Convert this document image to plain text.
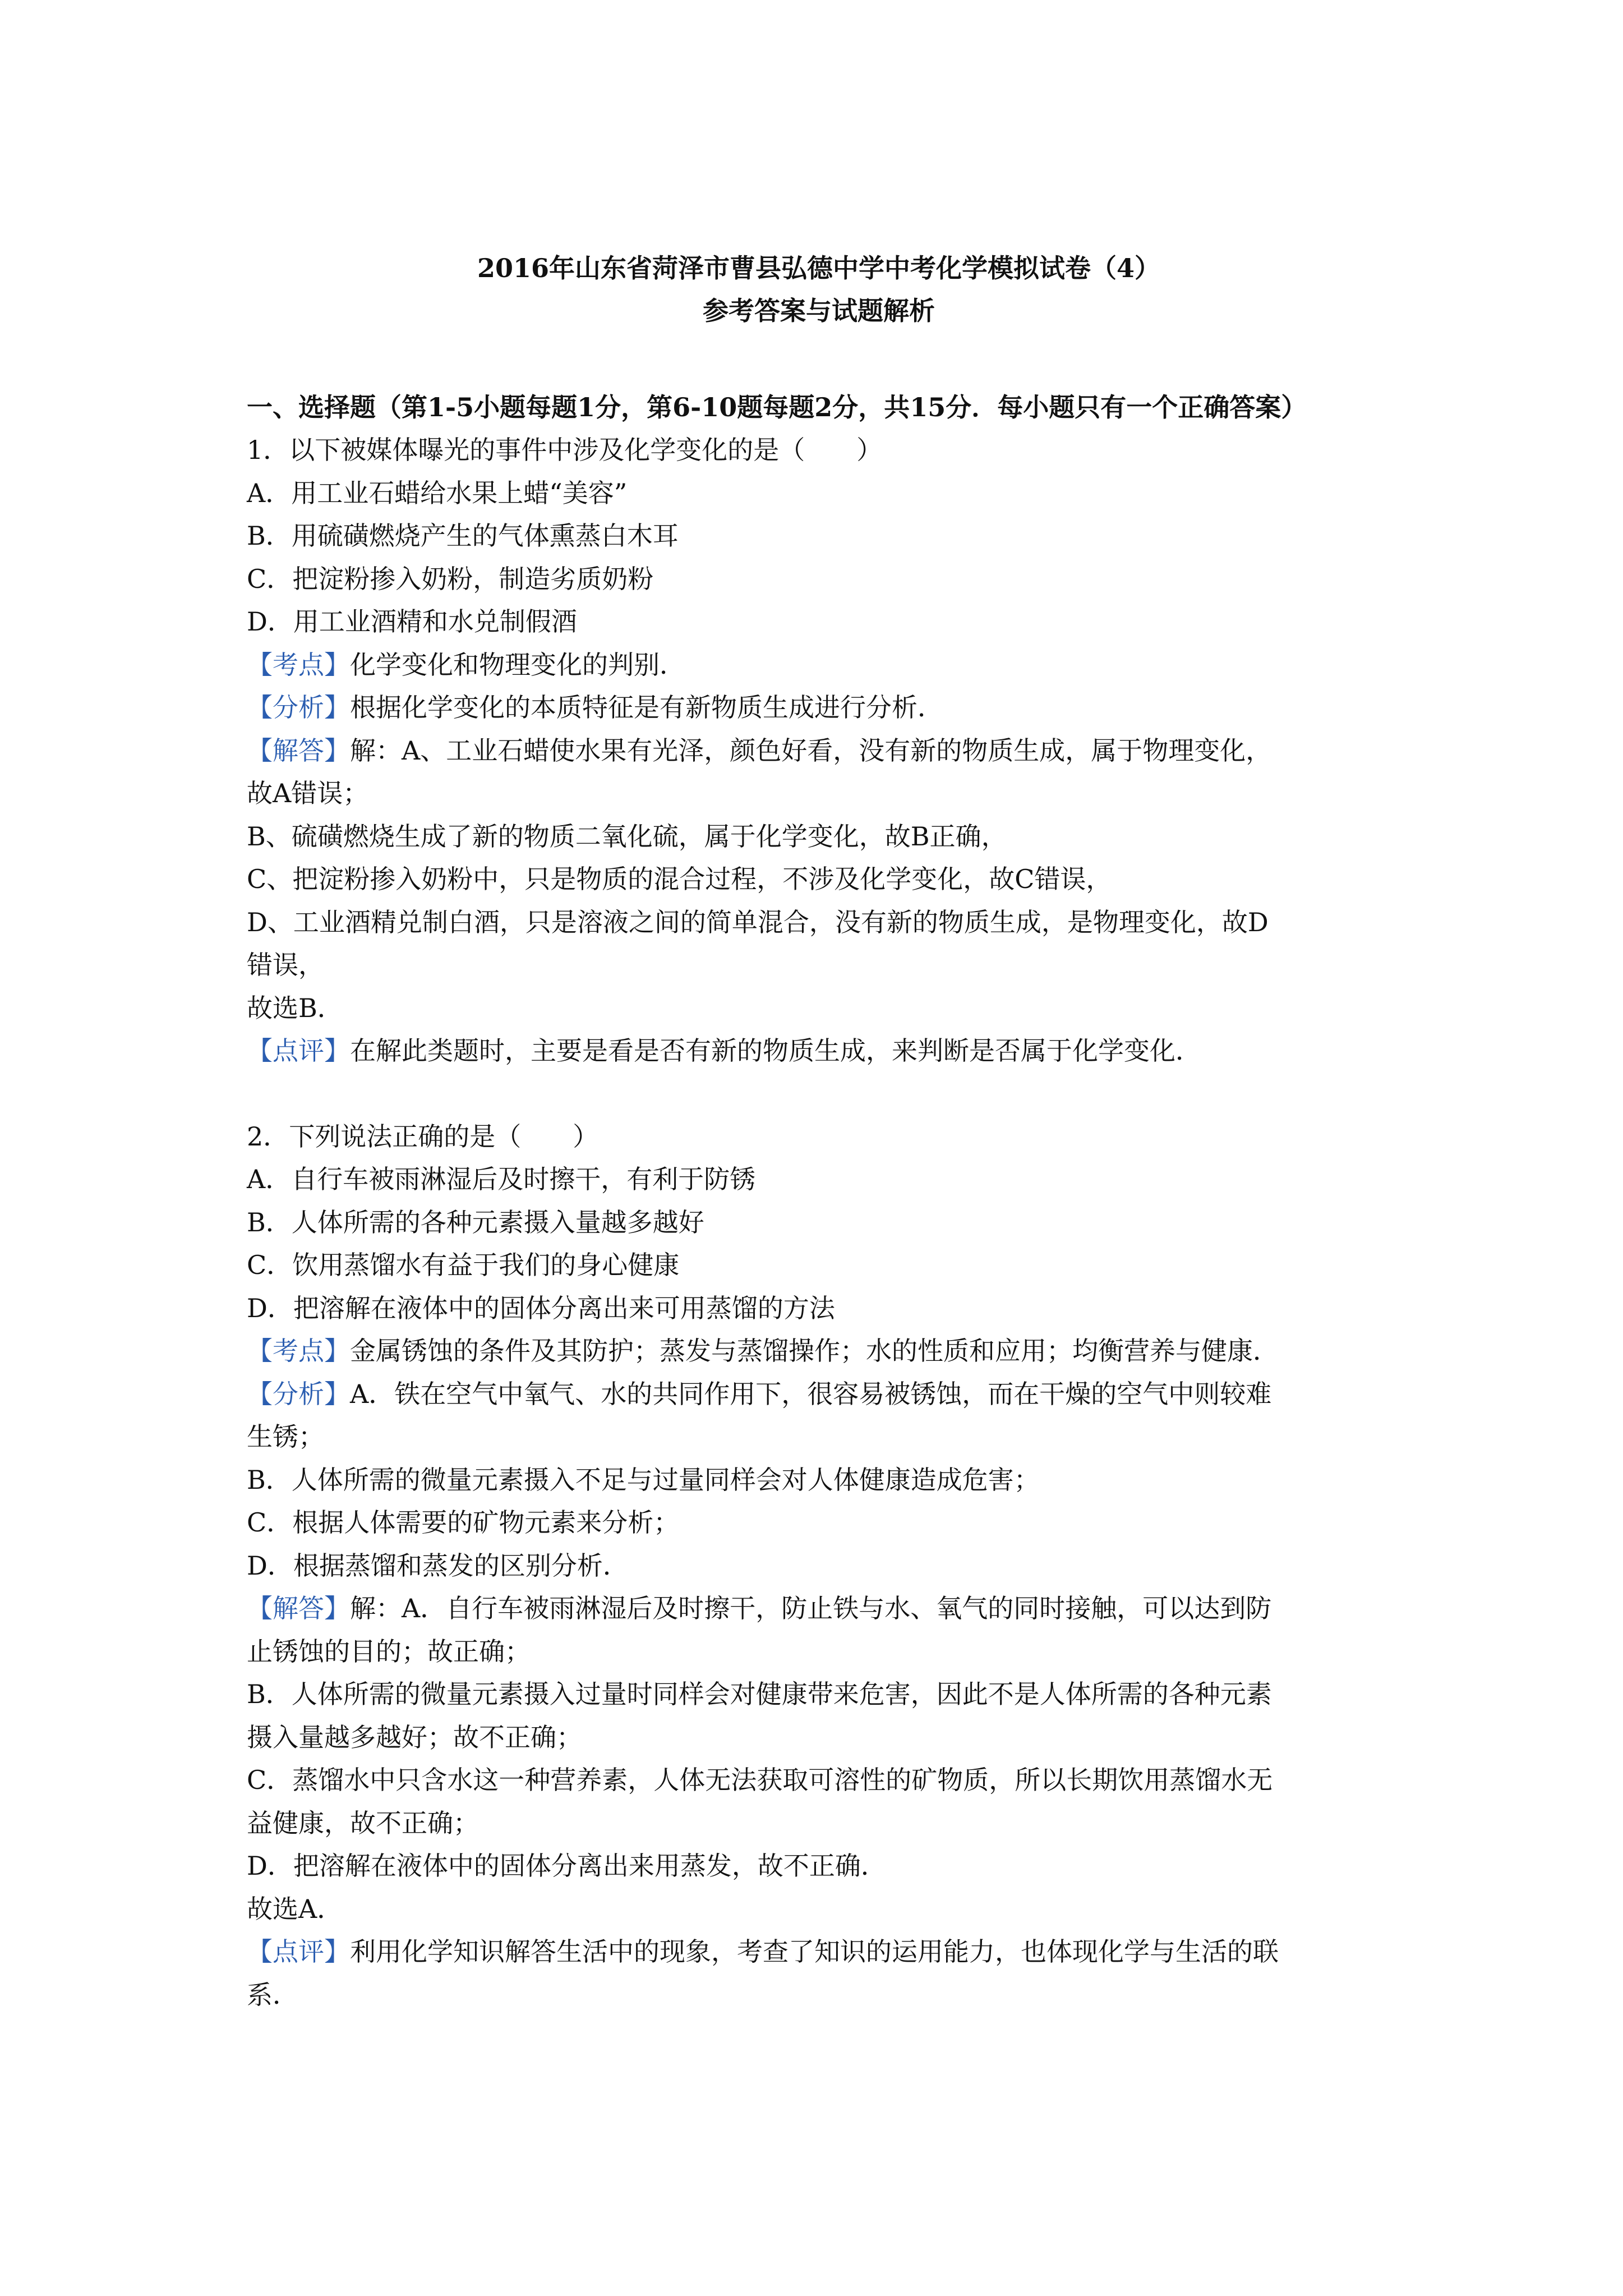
2016年山东省菏泽市曹县弘德中学中考化学模拟试卷（4）
参考答案与试题解析
一、选择题（第1-5小题每题1分，第6-10题每题2分，共15分．每小题只有一个正确答案）
1．以下被媒体曝光的事件中涉及化学变化的是（　　）
A．用工业石蜡给水果上蜡“美容”
B．用硫磺燃烧产生的气体熏蒸白木耳
C．把淀粉掺入奶粉，制造劣质奶粉
D．用工业酒精和水兑制假酒
【考点】化学变化和物理变化的判别．
【分析】根据化学变化的本质特征是有新物质生成进行分析．
【解答】解：A、工业石蜡使水果有光泽，颜色好看，没有新的物质生成，属于物理变化，
故A错误；
B、硫磺燃烧生成了新的物质二氧化硫，属于化学变化，故B正确，
C、把淀粉掺入奶粉中，只是物质的混合过程，不涉及化学变化，故C错误，
D、工业酒精兑制白酒，只是溶液之间的简单混合，没有新的物质生成，是物理变化，故D
错误，
故选B．
【点评】在解此类题时，主要是看是否有新的物质生成，来判断是否属于化学变化．
2．下列说法正确的是（　　）
A．自行车被雨淋湿后及时擦干，有利于防锈
B．人体所需的各种元素摄入量越多越好
C．饮用蒸馏水有益于我们的身心健康
D．把溶解在液体中的固体分离出来可用蒸馏的方法
【考点】金属锈蚀的条件及其防护；蒸发与蒸馏操作；水的性质和应用；均衡营养与健康．
【分析】A．铁在空气中氧气、水的共同作用下，很容易被锈蚀，而在干燥的空气中则较难
生锈；
B．人体所需的微量元素摄入不足与过量同样会对人体健康造成危害；
C．根据人体需要的矿物元素来分析；
D．根据蒸馏和蒸发的区别分析．
【解答】解：A．自行车被雨淋湿后及时擦干，防止铁与水、氧气的同时接触，可以达到防
止锈蚀的目的；故正确；
B．人体所需的微量元素摄入过量时同样会对健康带来危害，因此不是人体所需的各种元素
摄入量越多越好；故不正确；
C．蒸馏水中只含水这一种营养素，人体无法获取可溶性的矿物质，所以长期饮用蒸馏水无
益健康，故不正确；
D．把溶解在液体中的固体分离出来用蒸发，故不正确．
故选A．
【点评】利用化学知识解答生活中的现象，考查了知识的运用能力，也体现化学与生活的联
系．
